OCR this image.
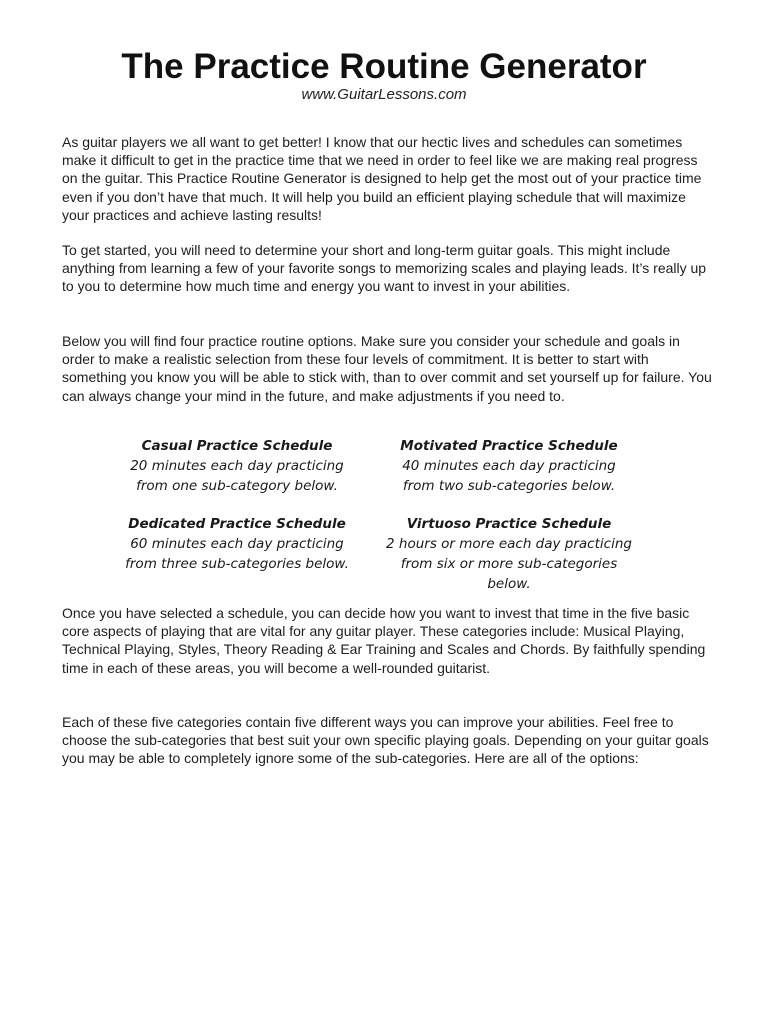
The Practice Routine Generator
www.GuitarLessons.com

As guitar players we all want to get better! I know that our hectic lives and schedules can sometimes make it difficult to get in the practice time that we need in order to feel like we are making real progress on the guitar. This Practice Routine Generator is designed to help get the most out of your practice time even if you don’t have that much. It will help you build an efficient playing schedule that will maximize your practices and achieve lasting results!

To get started, you will need to determine your short and long-term guitar goals. This might include anything from learning a few of your favorite songs to memorizing scales and playing leads. It’s really up to you to determine how much time and energy you want to invest in your abilities.

Below you will find four practice routine options. Make sure you consider your schedule and goals in order to make a realistic selection from these four levels of commitment. It is better to start with something you know you will be able to stick with, than to over commit and set yourself up for failure. You can always change your mind in the future, and make adjustments if you need to.

Casual Practice Schedule
20 minutes each day practicing
from one sub-category below.
Motivated Practice Schedule
40 minutes each day practicing
from two sub-categories below.
Dedicated Practice Schedule
60 minutes each day practicing
from three sub-categories below.
Virtuoso Practice Schedule
2 hours or more each day practicing
from six or more sub-categories below.

Once you have selected a schedule, you can decide how you want to invest that time in the five basic core aspects of playing that are vital for any guitar player. These categories include: Musical Playing, Technical Playing, Styles, Theory Reading & Ear Training and Scales and Chords. By faithfully spending time in each of these areas, you will become a well-rounded guitarist.

Each of these five categories contain five different ways you can improve your abilities. Feel free to choose the sub-categories that best suit your own specific playing goals. Depending on your guitar goals you may be able to completely ignore some of the sub-categories. Here are all of the options:
